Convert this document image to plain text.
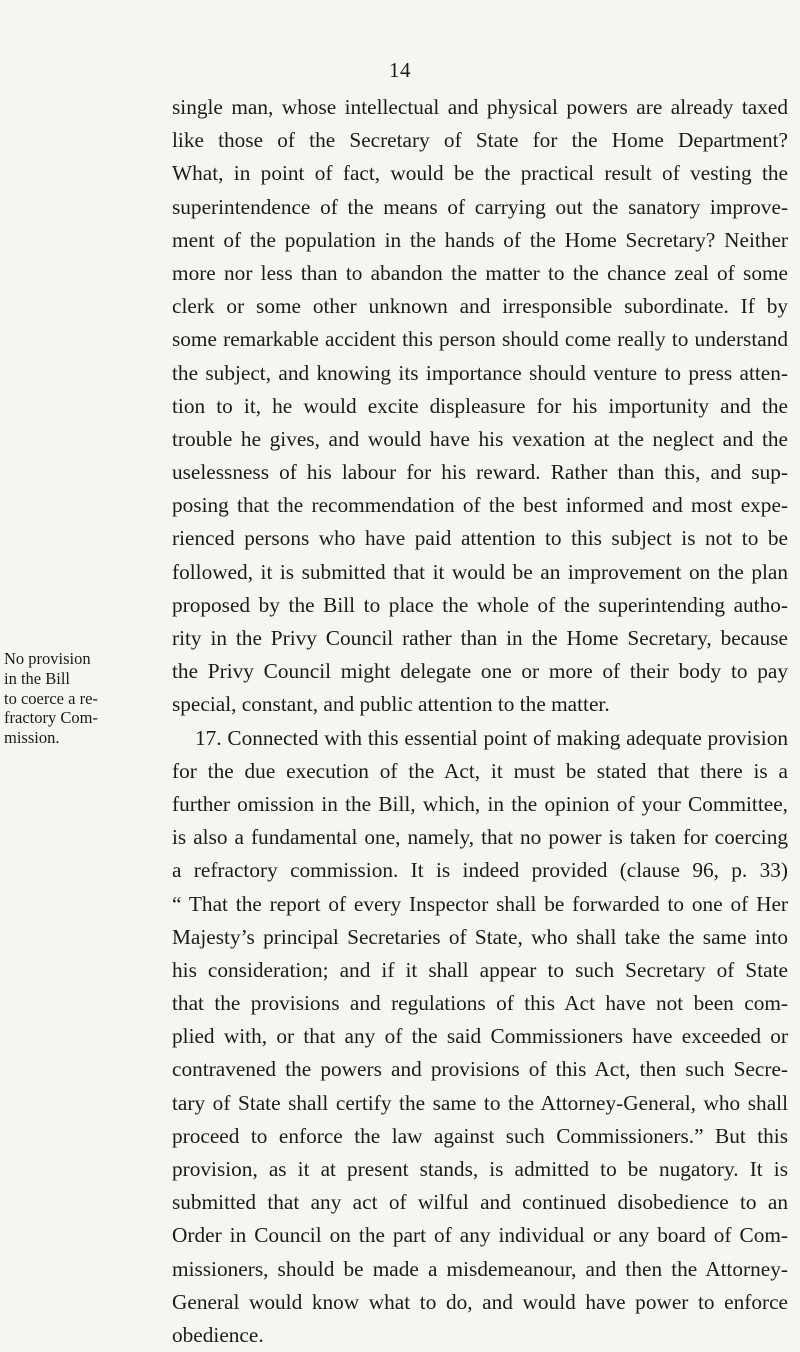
14
No provision
in the Bill
to coerce a re-
fractory Com-
mission.
single man, whose intellectual and physical powers are already taxed
like those of the Secretary of State for the Home Department?
What, in point of fact, would be the practical result of vesting the
superintendence of the means of carrying out the sanatory improve-
ment of the population in the hands of the Home Secretary? Neither
more nor less than to abandon the matter to the chance zeal of some
clerk or some other unknown and irresponsible subordinate. If by
some remarkable accident this person should come really to understand
the subject, and knowing its importance should venture to press atten-
tion to it, he would excite displeasure for his importunity and the
trouble he gives, and would have his vexation at the neglect and the
uselessness of his labour for his reward. Rather than this, and sup-
posing that the recommendation of the best informed and most expe-
rienced persons who have paid attention to this subject is not to be
followed, it is submitted that it would be an improvement on the plan
proposed by the Bill to place the whole of the superintending autho-
rity in the Privy Council rather than in the Home Secretary, because
the Privy Council might delegate one or more of their body to pay
special, constant, and public attention to the matter.
17. Connected with this essential point of making adequate provision
for the due execution of the Act, it must be stated that there is a
further omission in the Bill, which, in the opinion of your Committee,
is also a fundamental one, namely, that no power is taken for coercing
a refractory commission. It is indeed provided (clause 96, p. 33)
“ That the report of every Inspector shall be forwarded to one of Her
Majesty’s principal Secretaries of State, who shall take the same into
his consideration; and if it shall appear to such Secretary of State
that the provisions and regulations of this Act have not been com-
plied with, or that any of the said Commissioners have exceeded or
contravened the powers and provisions of this Act, then such Secre-
tary of State shall certify the same to the Attorney-General, who shall
proceed to enforce the law against such Commissioners.” But this
provision, as it at present stands, is admitted to be nugatory. It is
submitted that any act of wilful and continued disobedience to an
Order in Council on the part of any individual or any board of Com-
missioners, should be made a misdemeanour, and then the Attorney-
General would know what to do, and would have power to enforce
obedience.
